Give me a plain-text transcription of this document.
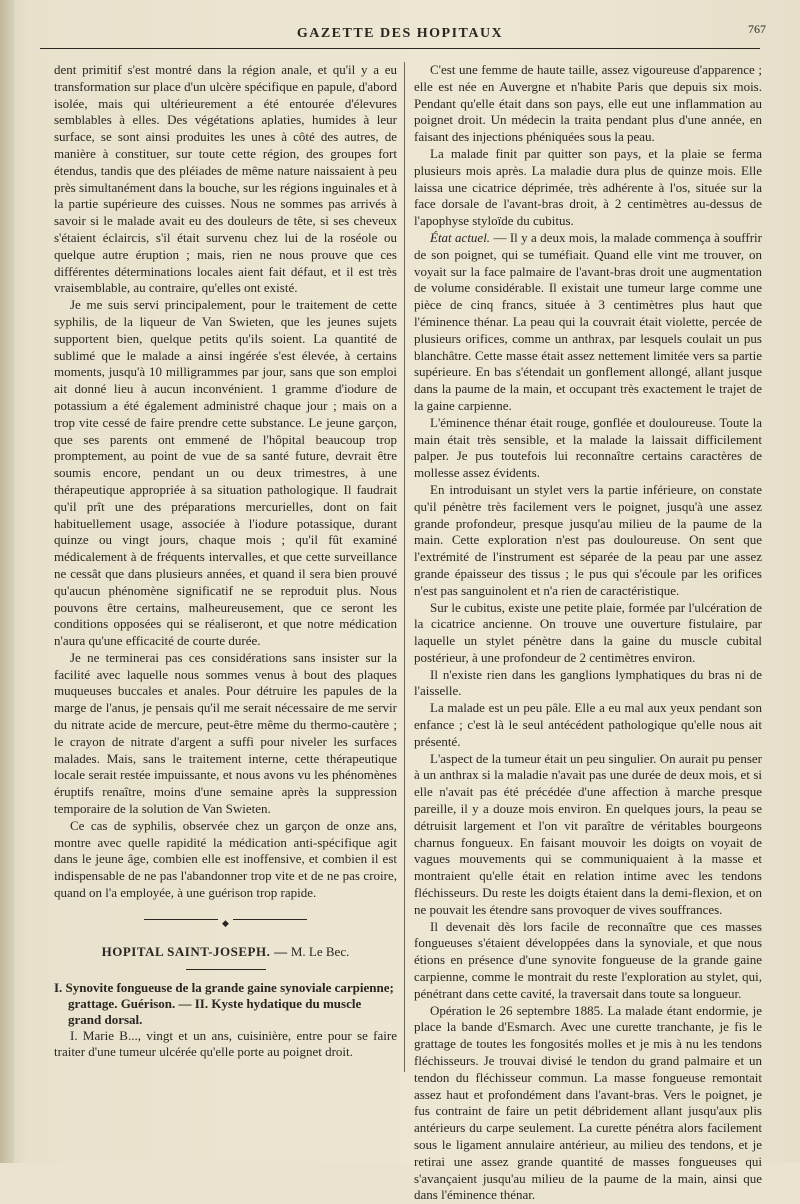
GAZETTE DES HOPITAUX	767

dent primitif s'est montré dans la région anale, et qu'il y a eu transformation sur place d'un ulcère spécifique en papule, d'abord isolée, mais qui ultérieurement a été entourée d'élevures semblables à elles. Des végétations aplaties, humides à leur surface, se sont ainsi produites les unes à côté des autres, de manière à constituer, sur toute cette région, des groupes fort étendus, tandis que des pléiades de même nature naissaient à peu près simultanément dans la bouche, sur les régions inguinales et à la partie supérieure des cuisses. Nous ne sommes pas arrivés à savoir si le malade avait eu des douleurs de tête, si ses cheveux s'étaient éclaircis, s'il était survenu chez lui de la roséole ou quelque autre éruption ; mais, rien ne nous prouve que ces différentes déterminations locales aient fait défaut, et il est très vraisemblable, au contraire, qu'elles ont existé.

Je me suis servi principalement, pour le traitement de cette syphilis, de la liqueur de Van Swieten, que les jeunes sujets supportent bien, quelque petits qu'ils soient. La quantité de sublimé que le malade a ainsi ingérée s'est élevée, à certains moments, jusqu'à 10 milligrammes par jour, sans que son emploi ait donné lieu à aucun inconvénient. 1 gramme d'iodure de potassium a été également administré chaque jour ; mais on a trop vite cessé de faire prendre cette substance. Le jeune garçon, que ses parents ont emmené de l'hôpital beaucoup trop promptement, au point de vue de sa santé future, devrait être soumis encore, pendant un ou deux trimestres, à une thérapeutique appropriée à sa situation pathologique. Il faudrait qu'il prît une des préparations mercurielles, dont on fait habituellement usage, associée à l'iodure potassique, durant quinze ou vingt jours, chaque mois ; qu'il fût examiné médicalement à de fréquents intervalles, et que cette surveillance ne cessât que dans plusieurs années, et quand il sera bien prouvé qu'aucun phénomène significatif ne se reproduit plus. Nous pouvons être certains, malheureusement, que ce seront les conditions opposées qui se réaliseront, et que notre médication n'aura qu'une efficacité de courte durée.

Je ne terminerai pas ces considérations sans insister sur la facilité avec laquelle nous sommes venus à bout des plaques muqueuses buccales et anales. Pour détruire les papules de la marge de l'anus, je pensais qu'il me serait nécessaire de me servir du nitrate acide de mercure, peut-être même du thermo-cautère ; le crayon de nitrate d'argent a suffi pour niveler les surfaces malades. Mais, sans le traitement interne, cette thérapeutique locale serait restée impuissante, et nous avons vu les phénomènes éruptifs renaître, moins d'une semaine après la suppression temporaire de la solution de Van Swieten.

Ce cas de syphilis, observée chez un garçon de onze ans, montre avec quelle rapidité la médication anti-spécifique agit dans le jeune âge, combien elle est inoffensive, et combien il est indispensable de ne pas l'abandonner trop vite et de ne pas croire, quand on l'a employée, à une guérison trop rapide.

◆
HOPITAL SAINT-JOSEPH. — M. Le Bec.

I. Synovite fongueuse de la grande gaine synoviale carpienne; grattage. Guérison. — II. Kyste hydatique du muscle grand dorsal.

I. Marie B..., vingt et un ans, cuisinière, entre pour se faire traiter d'une tumeur ulcérée qu'elle porte au poignet droit.

C'est une femme de haute taille, assez vigoureuse d'apparence ; elle est née en Auvergne et n'habite Paris que depuis six mois. Pendant qu'elle était dans son pays, elle eut une inflammation au poignet droit. Un médecin la traita pendant plus d'une année, en faisant des injections phéniquées sous la peau.

La malade finit par quitter son pays, et la plaie se ferma plusieurs mois après. La maladie dura plus de quinze mois. Elle laissa une cicatrice déprimée, très adhérente à l'os, située sur la face dorsale de l'avant-bras droit, à 2 centimètres au-dessus de l'apophyse styloïde du cubitus.

État actuel. — Il y a deux mois, la malade commença à souffrir de son poignet, qui se tuméfiait. Quand elle vint me trouver, on voyait sur la face palmaire de l'avant-bras droit une augmentation de volume considérable. Il existait une tumeur large comme une pièce de cinq francs, située à 3 centimètres plus haut que l'éminence thénar. La peau qui la couvrait était violette, percée de plusieurs orifices, comme un anthrax, par lesquels coulait un pus blanchâtre. Cette masse était assez nettement limitée vers sa partie supérieure. En bas s'étendait un gonflement allongé, allant jusque dans la paume de la main, et occupant très exactement le trajet de la gaine carpienne.

L'éminence thénar était rouge, gonflée et douloureuse. Toute la main était très sensible, et la malade la laissait difficilement palper. Je pus toutefois lui reconnaître certains caractères de mollesse assez évidents.

En introduisant un stylet vers la partie inférieure, on constate qu'il pénètre très facilement vers le poignet, jusqu'à une assez grande profondeur, presque jusqu'au milieu de la paume de la main. Cette exploration n'est pas douloureuse. On sent que l'extrémité de l'instrument est séparée de la peau par une assez grande épaisseur des tissus ; le pus qui s'écoule par les orifices n'est pas sanguinolent et n'a rien de caractéristique.

Sur le cubitus, existe une petite plaie, formée par l'ulcération de la cicatrice ancienne. On trouve une ouverture fistulaire, par laquelle un stylet pénètre dans la gaine du muscle cubital postérieur, à une profondeur de 2 centimètres environ.

Il n'existe rien dans les ganglions lymphatiques du bras ni de l'aisselle.

La malade est un peu pâle. Elle a eu mal aux yeux pendant son enfance ; c'est là le seul antécédent pathologique qu'elle nous ait présenté.

L'aspect de la tumeur était un peu singulier. On aurait pu penser à un anthrax si la maladie n'avait pas une durée de deux mois, et si elle n'avait pas été précédée d'une affection à marche presque pareille, il y a douze mois environ. En quelques jours, la peau se détruisit largement et l'on vit paraître de véritables bourgeons charnus fongueux. En faisant mouvoir les doigts on voyait de vagues mouvements qui se communiquaient à la masse et montraient qu'elle était en relation intime avec les tendons fléchisseurs. Du reste les doigts étaient dans la demi-flexion, et on ne pouvait les étendre sans provoquer de vives souffrances.

Il devenait dès lors facile de reconnaître que ces masses fongueuses s'étaient développées dans la synoviale, et que nous étions en présence d'une synovite fongueuse de la grande gaine carpienne, comme le montrait du reste l'exploration au stylet, qui, pénétrant dans cette cavité, la traversait dans toute sa longueur.

Opération le 26 septembre 1885. La malade étant endormie, je place la bande d'Esmarch. Avec une curette tranchante, je fis le grattage de toutes les fongosités molles et je mis à nu les tendons fléchisseurs. Je trouvai divisé le tendon du grand palmaire et un tendon du fléchisseur commun. La masse fongueuse remontait assez haut et profondément dans l'avant-bras. Vers le poignet, je fus contraint de faire un petit débridement allant jusqu'aux plis antérieurs du carpe seulement. La curette pénétra alors facilement sous le ligament annulaire antérieur, au milieu des tendons, et je retirai une assez grande quantité de masses fongueuses qui s'avançaient jusqu'au milieu de la paume de la main, ainsi que dans l'éminence thénar.
